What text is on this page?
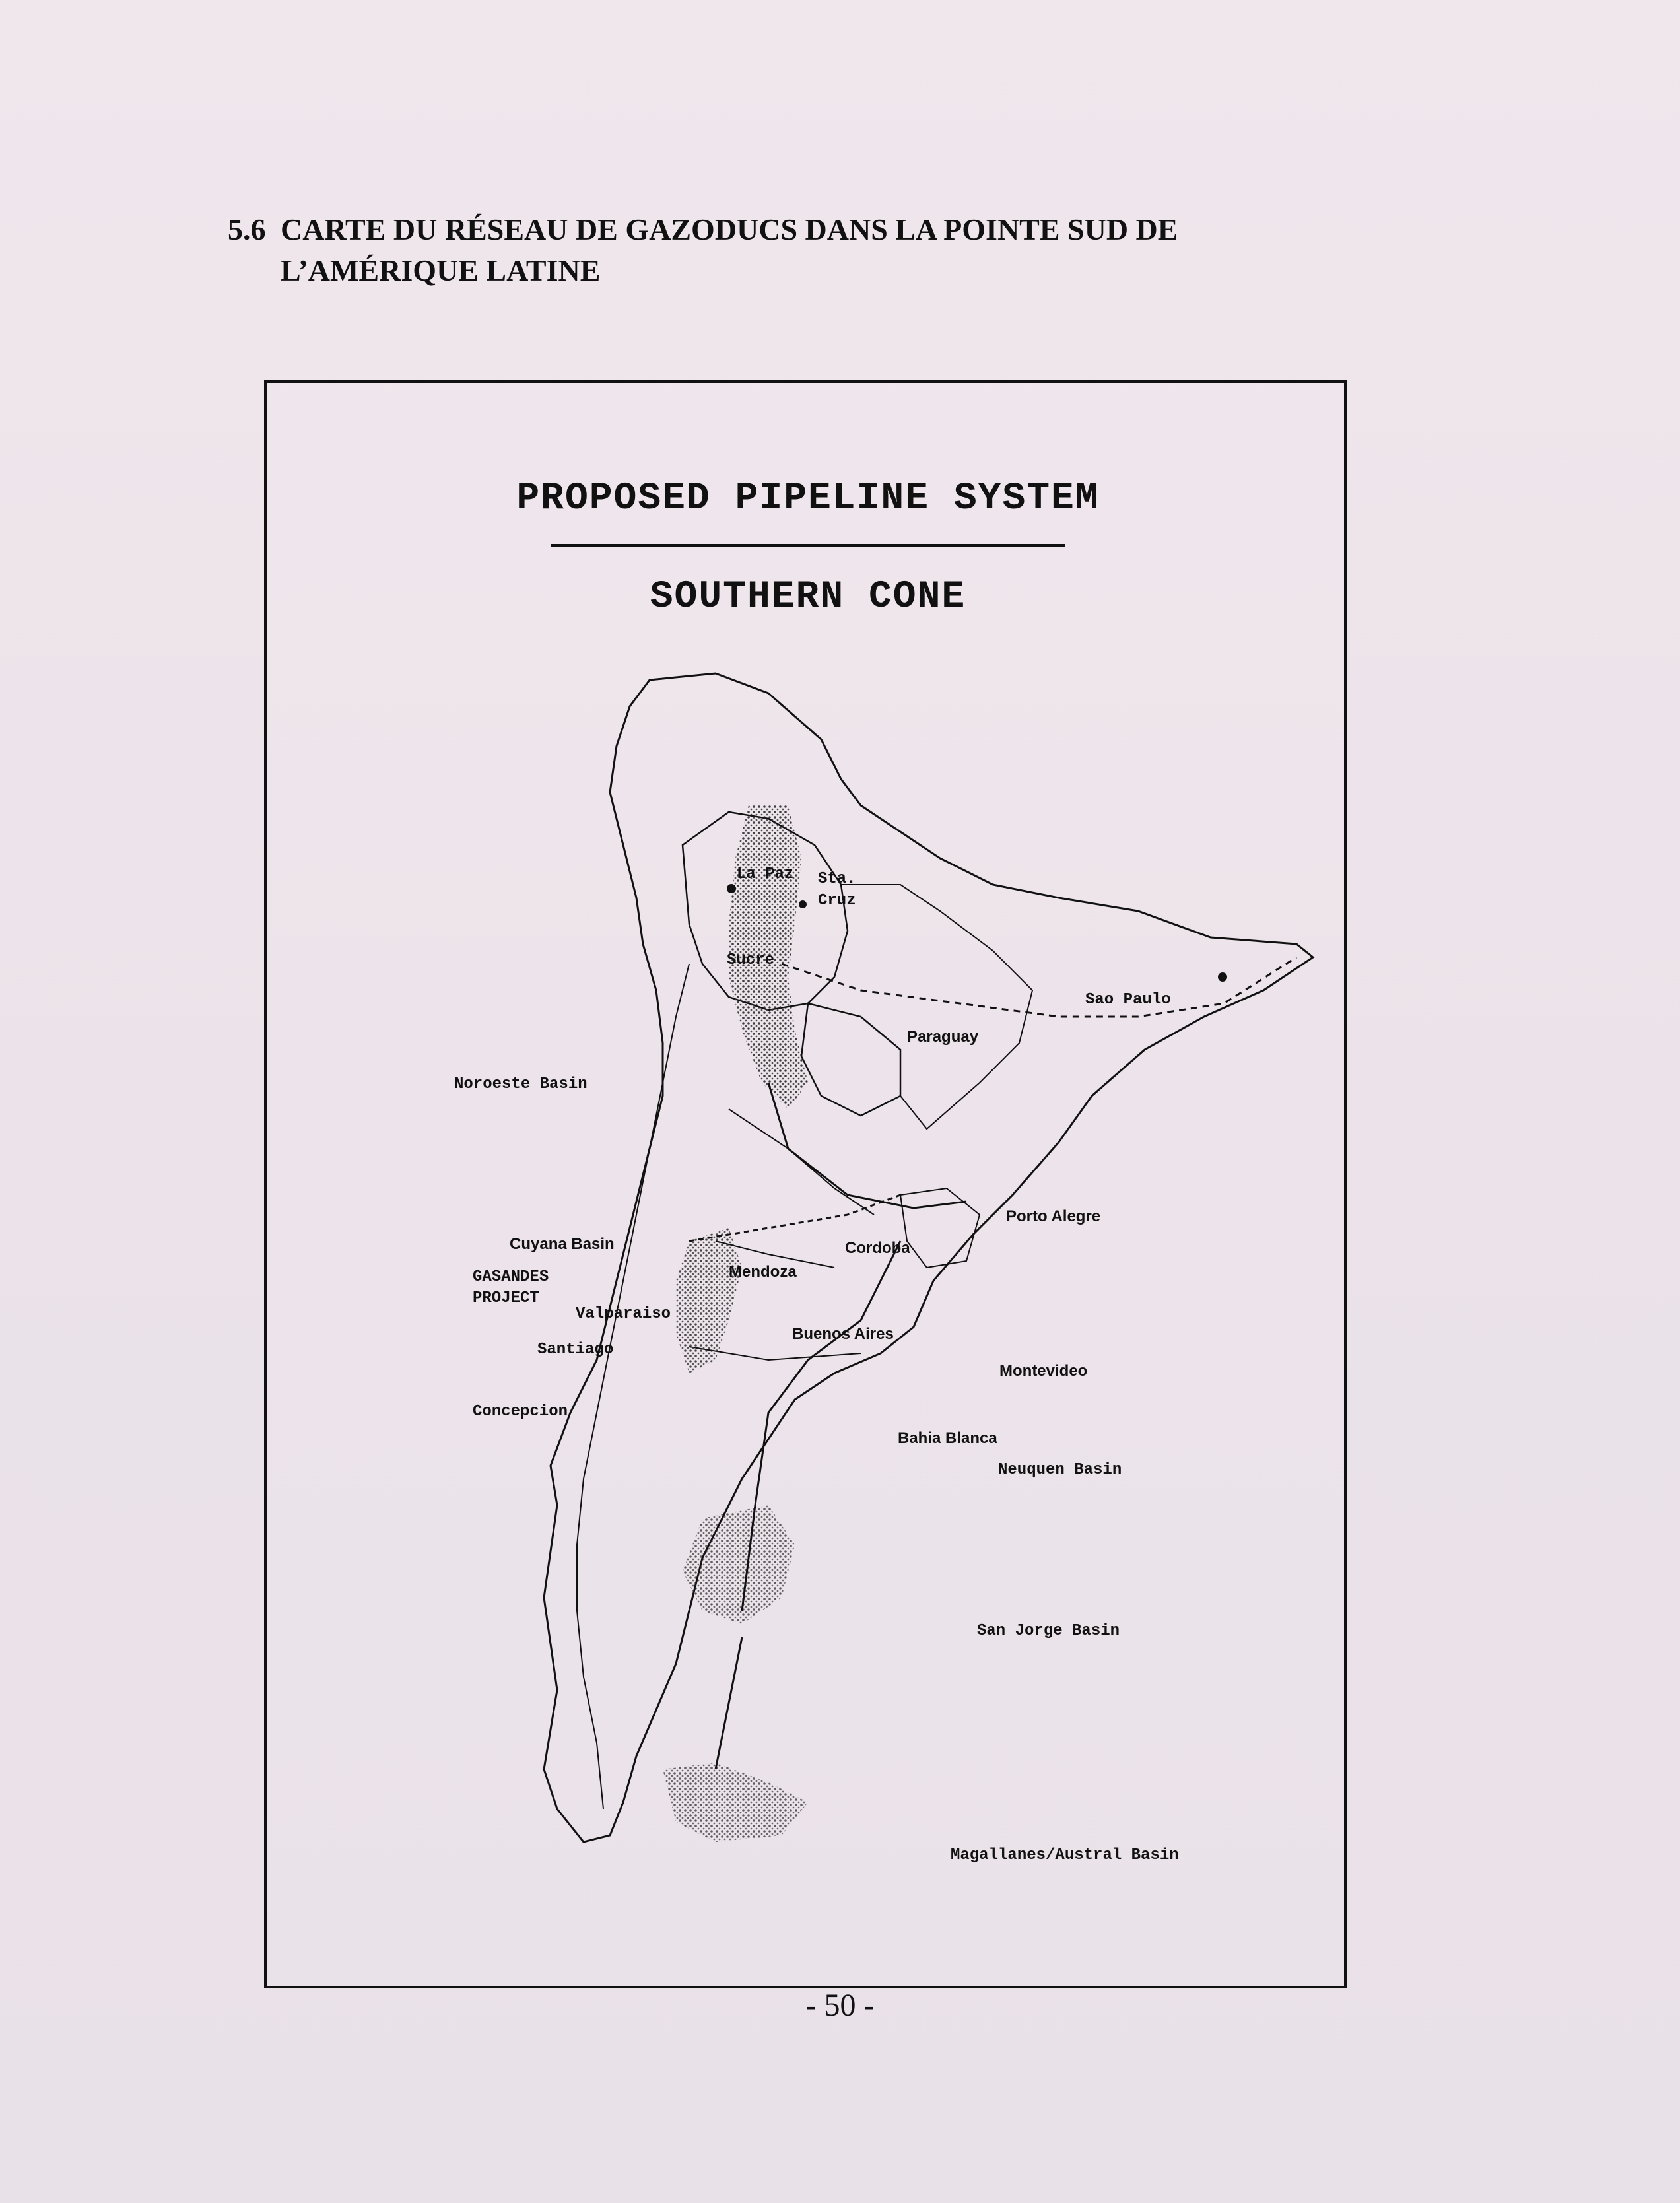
5.6 CARTE DU RÉSEAU DE GAZODUCS DANS LA POINTE SUD DE
L’AMÉRIQUE LATINE
PROPOSED PIPELINE SYSTEM
SOUTHERN CONE
La Paz Sta.
Cruz
Sucre
Paraguay
Sao Paulo
Noroeste Basin
Porto Alegre
Cuyana Basin	Cordoba
GASANDES
PROJECT
Mendoza
Valparaiso
Buenos Aires
Santiago
Montevideo
Concepcion
Bahia Blanca
Neuquen Basin
San Jorge Basin
Magallanes/Austral Basin
- 50 -
